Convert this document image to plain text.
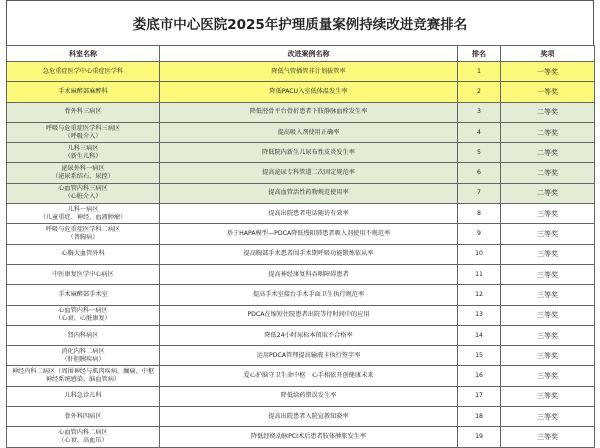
娄底市中心医院2025年护理质量案例持续改进竞赛排名
科室名称	改进案例名称	排名	奖项
急危重症医学中心重症医学科	降低气管插管非计划拔管率	1	一等奖
手术麻醉部麻醉科	降低PACU入室低体温发生率	2	一等奖
骨外科三病区	降低胫骨平台骨折患者下肢静脉血栓发生率	3	二等奖
呼吸与危重症医学科三病区
（呼吸介入）	提高吸入剂使用正确率	4	二等奖
儿科三病区
（新生儿科）	降低院内新生儿尿布性皮炎发生率	5	二等奖
泌尿外科一病区
（泌尿系结石、尿控）	提高泌尿专科管道二次固定规范率	6	二等奖
心血管内科三病区
（心脏介入）	提高血管活性药物规范使用率	7	二等奖
儿科一病区
（儿童重症、神经、血液肿瘤）	提高出院患者电话随访有效率	8	三等奖
呼吸与危重症医学科二病区
（普胸病）	基于HAPA模型—PDCA降低慢阻肺患者吸入剂使用不规范率	9	三等奖
心胸大血管外科	提高胸部手术患者围手术期呼吸功能锻炼依从率	10	三等奖
中医康复医学中心病区	提高神经康复科吞咽障碍患者	11	三等奖
手术麻醉部手术室	提高手术室接台手术手面卫生执行规范率	12	三等奖
心血管内科一病区
（心衰、心脏康复）	PDCA在缩短住院患者出院等待时间中的应用	13	三等奖
肾内科病区	降低24小时尿标本留取不合格率	14	三等奖
消化内科二病区
（肝胆胰疾病）	运用PDCA管理提高输液卡执行签字率	15	三等奖
神经内科二病区（周围神经与肌肉疾病、癫痫、中枢神经系统感染、脑血管病）	爱心护脑守卫生命中枢　心手相依开创健康未来	16	三等奖
儿科急诊儿科	降低给药错误发生率	17	三等奖
骨外科四病区	提高出院患者入院宣教知晓率	18	三等奖
心血管内科二病区
（心衰、高血压）	降低经桡动脉PCI术后患者肢体肿胀发生率	19	三等奖
